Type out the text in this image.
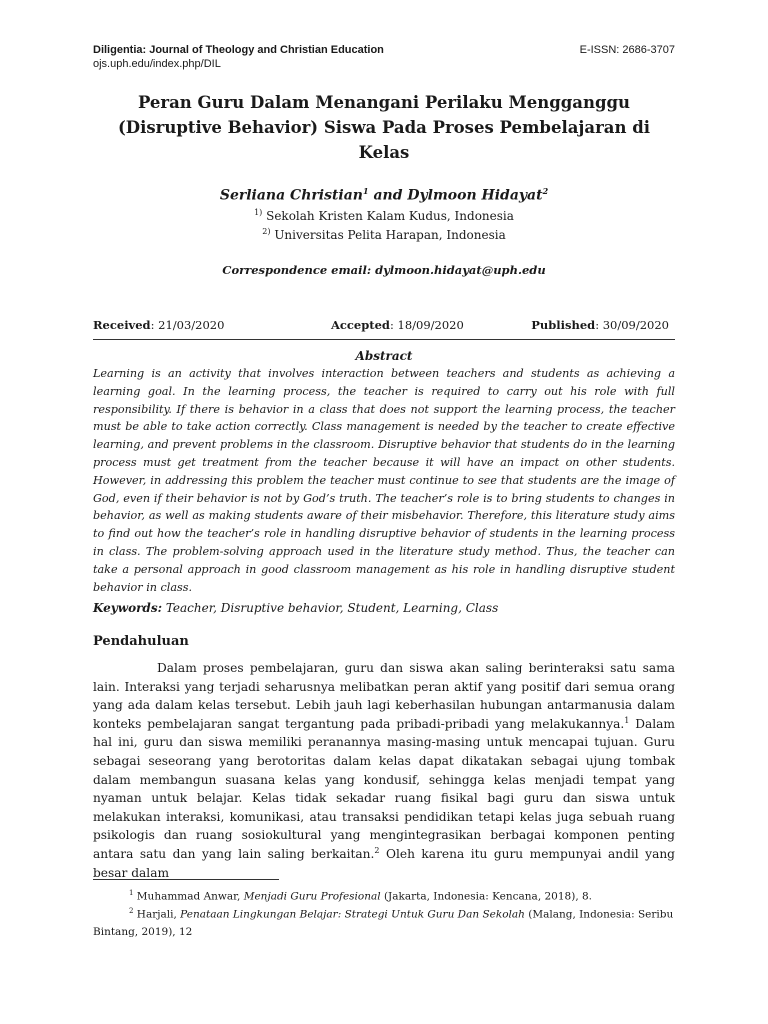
Diligentia: Journal of Theology and Christian Education	E-ISSN: 2686-3707
ojs.uph.edu/index.php/DIL
Peran Guru Dalam Menangani Perilaku Mengganggu (Disruptive Behavior) Siswa Pada Proses Pembelajaran di Kelas
Serliana Christian$^1$ and Dylmoon Hidayat$^2$
$^{1)}$ Sekolah Kristen Kalam Kudus, Indonesia
$^{2)}$ Universitas Pelita Harapan, Indonesia
Correspondence email: dylmoon.hidayat@uph.edu
Received: 21/03/2020	Accepted: 18/09/2020	Published: 30/09/2020
Abstract
Learning is an activity that involves interaction between teachers and students as achieving a learning goal. In the learning process, the teacher is required to carry out his role with full responsibility. If there is behavior in a class that does not support the learning process, the teacher must be able to take action correctly. Class management is needed by the teacher to create effective learning, and prevent problems in the classroom. Disruptive behavior that students do in the learning process must get treatment from the teacher because it will have an impact on other students. However, in addressing this problem the teacher must continue to see that students are the image of God, even if their behavior is not by God’s truth. The teacher’s role is to bring students to changes in behavior, as well as making students aware of their misbehavior. Therefore, this literature study aims to find out how the teacher’s role in handling disruptive behavior of students in the learning process in class. The problem-solving approach used in the literature study method. Thus, the teacher can take a personal approach in good classroom management as his role in handling disruptive student behavior in class.
Keywords: Teacher, Disruptive behavior, Student, Learning, Class
Pendahuluan
Dalam proses pembelajaran, guru dan siswa akan saling berinteraksi satu sama lain. Interaksi yang terjadi seharusnya melibatkan peran aktif yang positif dari semua orang yang ada dalam kelas tersebut. Lebih jauh lagi keberhasilan hubungan antarmanusia dalam konteks pembelajaran sangat tergantung pada pribadi-pribadi yang melakukannya.$^1$ Dalam hal ini, guru dan siswa memiliki peranannya masing-masing untuk mencapai tujuan. Guru sebagai seseorang yang berotoritas dalam kelas dapat dikatakan sebagai ujung tombak dalam membangun suasana kelas yang kondusif, sehingga kelas menjadi tempat yang nyaman untuk belajar. Kelas tidak sekadar ruang fisikal bagi guru dan siswa untuk melakukan interaksi, komunikasi, atau transaksi pendidikan tetapi kelas juga sebuah ruang psikologis dan ruang sosiokultural yang mengintegrasikan berbagai komponen penting antara satu dan yang lain saling berkaitan.$^2$ Oleh karena itu guru mempunyai andil yang besar dalam
$^1$ Muhammad Anwar, Menjadi Guru Profesional (Jakarta, Indonesia: Kencana, 2018), 8.
$^2$ Harjali, Penataan Lingkungan Belajar: Strategi Untuk Guru Dan Sekolah (Malang, Indonesia: Seribu Bintang, 2019), 12
